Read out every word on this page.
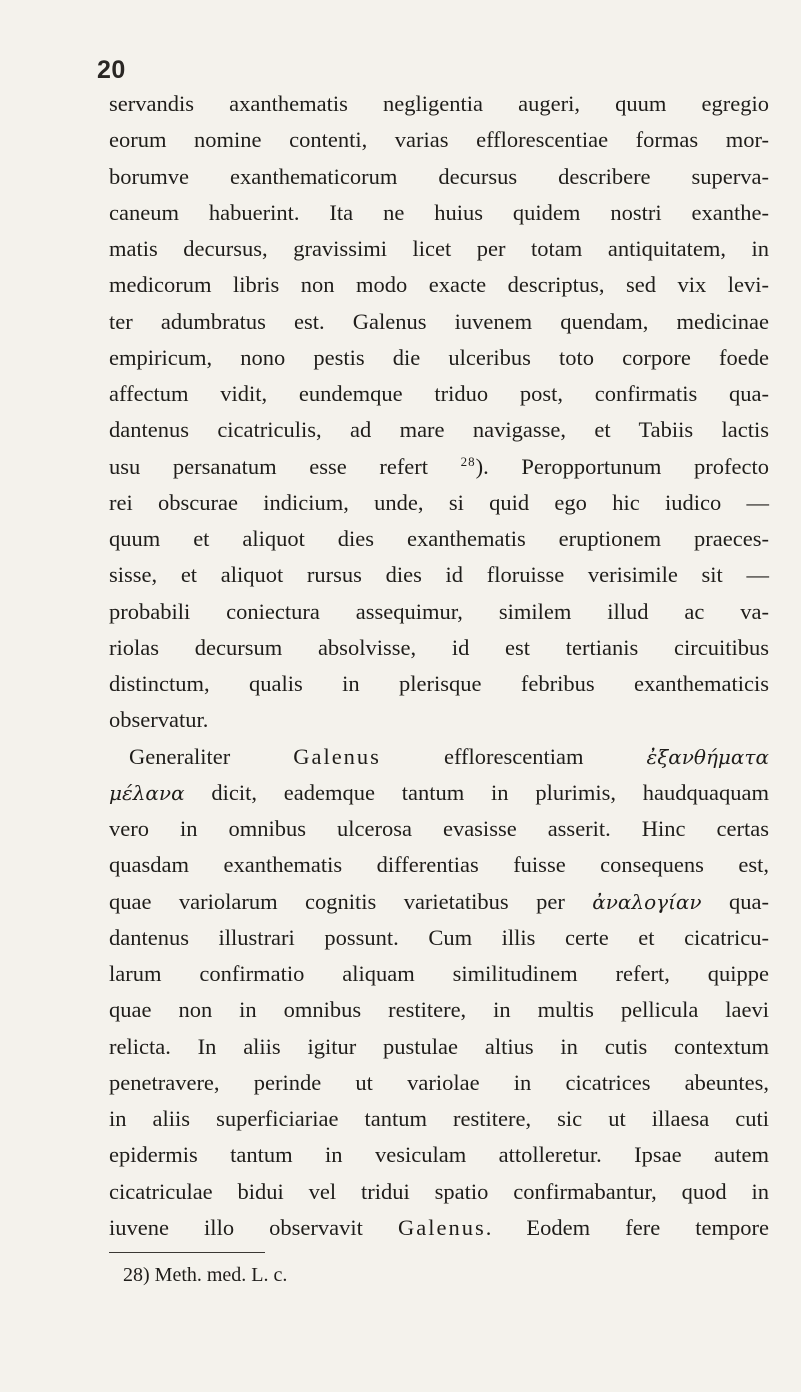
20
servandis axanthematis negligentia augeri, quum egregio
eorum nomine contenti, varias efflorescentiae formas mor-
borumve exanthematicorum decursus describere superva-
caneum habuerint. Ita ne huius quidem nostri exanthe-
matis decursus, gravissimi licet per totam antiquitatem, in
medicorum libris non modo exacte descriptus, sed vix levi-
ter adumbratus est. Galenus iuvenem quendam, medicinae
empiricum, nono pestis die ulceribus toto corpore foede
affectum vidit, eundemque triduo post, confirmatis qua-
dantenus cicatriculis, ad mare navigasse, et Tabiis lactis
usu persanatum esse refert $^{28}$). Peropportunum profecto
rei obscurae indicium, unde, si quid ego hic iudico —
quum et aliquot dies exanthematis eruptionem praeces-
sisse, et aliquot rursus dies id floruisse verisimile sit —
probabili coniectura assequimur, similem illud ac va-
riolas decursum absolvisse, id est tertianis circuitibus
distinctum, qualis in plerisque febribus exanthematicis
observatur.
Generaliter Galenus efflorescentiam ἐξανθήματα
μέλανα dicit, eademque tantum in plurimis, haudquaquam
vero in omnibus ulcerosa evasisse asserit. Hinc certas
quasdam exanthematis differentias fuisse consequens est,
quae variolarum cognitis varietatibus per ἀναλογίαν qua-
dantenus illustrari possunt. Cum illis certe et cicatricu-
larum confirmatio aliquam similitudinem refert, quippe
quae non in omnibus restitere, in multis pellicula laevi
relicta. In aliis igitur pustulae altius in cutis contextum
penetravere, perinde ut variolae in cicatrices abeuntes,
in aliis superficiariae tantum restitere, sic ut illaesa cuti
epidermis tantum in vesiculam attolleretur. Ipsae autem
cicatriculae bidui vel tridui spatio confirmabantur, quod in
iuvene illo observavit Galenus. Eodem fere tempore
28) Meth. med. L. c.
